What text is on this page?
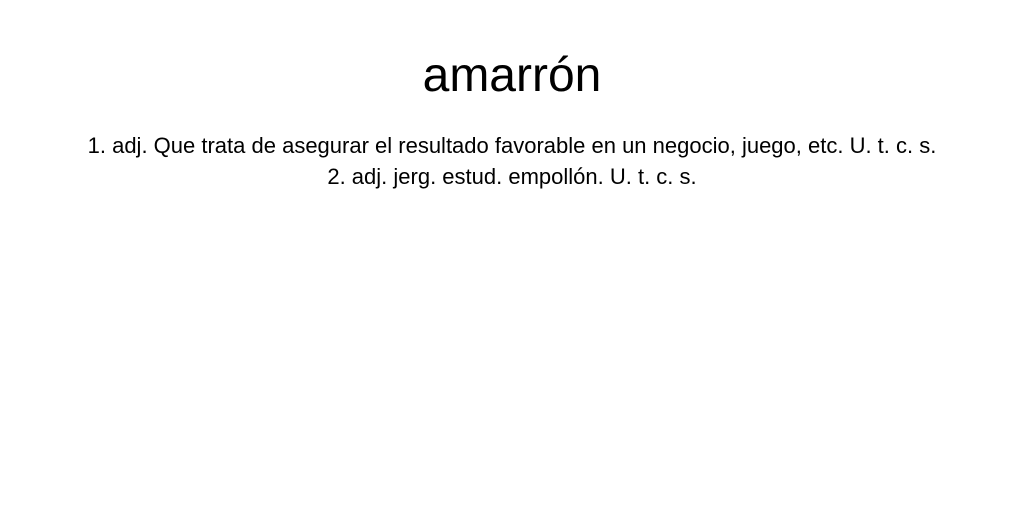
amarrón

1. adj. Que trata de asegurar el resultado favorable en un negocio, juego, etc. U. t. c. s.

2. adj. jerg. estud. empollón. U. t. c. s.
